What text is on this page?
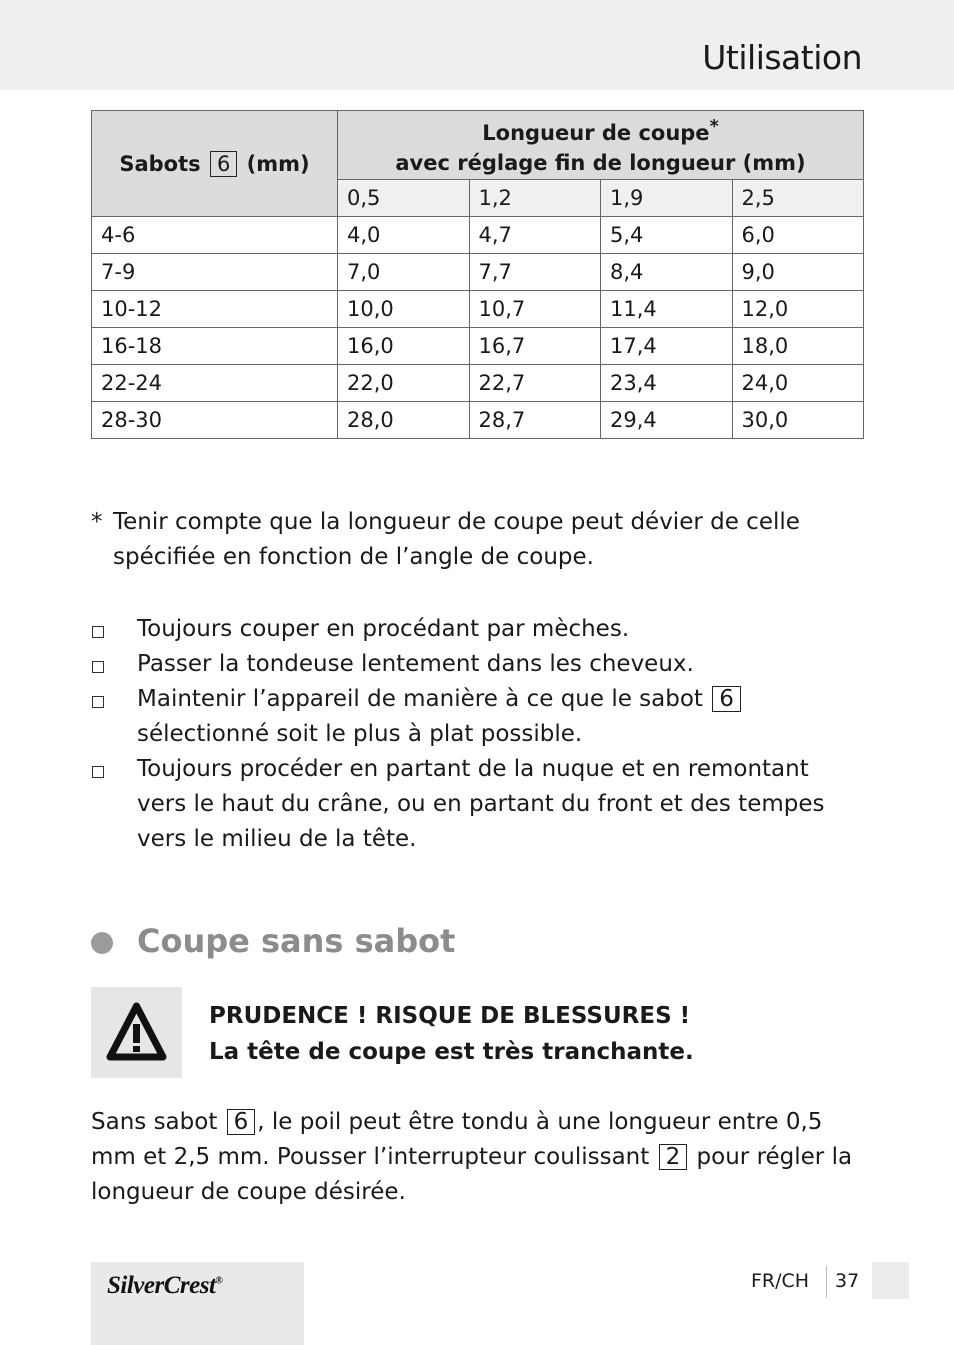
Utilisation
Sabots 6 (mm)	Longueur de coupe*
avec réglage fin de longueur (mm)			
	0,5	1,2	1,9	2,5
4-6	4,0	4,7	5,4	6,0
7-9	7,0	7,7	8,4	9,0
10-12	10,0	10,7	11,4	12,0
16-18	16,0	16,7	17,4	18,0
22-24	22,0	22,7	23,4	24,0
28-30	28,0	28,7	29,4	30,0
* Tenir compte que la longueur de coupe peut dévier de celle spécifiée en fonction de l’angle de coupe.
Toujours couper en procédant par mèches.
Passer la tondeuse lentement dans les cheveux.
Maintenir l’appareil de manière à ce que le sabot 6 sélectionné soit le plus à plat possible.
Toujours procéder en partant de la nuque et en remontant vers le haut du crâne, ou en partant du front et des tempes vers le milieu de la tête.
Coupe sans sabot
PRUDENCE ! RISQUE DE BLESSURES !
La tête de coupe est très tranchante.
Sans sabot 6 , le poil peut être tondu à une longueur entre 0,5 mm et 2,5 mm. Pousser l’interrupteur coulissant 2 pour régler la longueur de coupe désirée.
SilverCrest®	FR/CH 37
